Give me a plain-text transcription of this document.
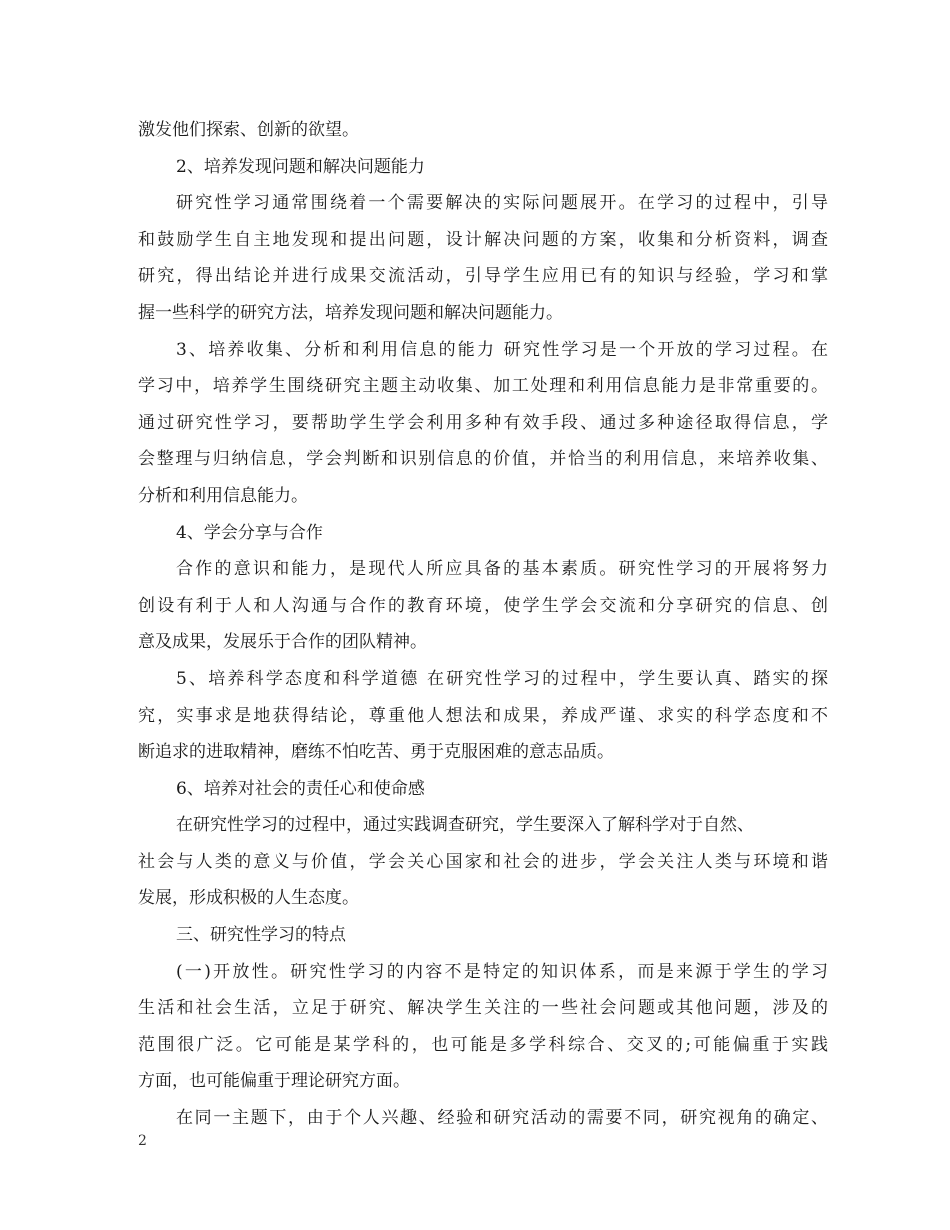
激发他们探索、创新的欲望。
2、培养发现问题和解决问题能力
研究性学习通常围绕着一个需要解决的实际问题展开。在学习的过程中，引导
和鼓励学生自主地发现和提出问题，设计解决问题的方案，收集和分析资料，调查
研究，得出结论并进行成果交流活动，引导学生应用已有的知识与经验，学习和掌
握一些科学的研究方法，培养发现问题和解决问题能力。
3、培养收集、分析和利用信息的能力 研究性学习是一个开放的学习过程。在
学习中，培养学生围绕研究主题主动收集、加工处理和利用信息能力是非常重要的。
通过研究性学习，要帮助学生学会利用多种有效手段、通过多种途径取得信息，学
会整理与归纳信息，学会判断和识别信息的价值，并恰当的利用信息，来培养收集、
分析和利用信息能力。
4、学会分享与合作
合作的意识和能力，是现代人所应具备的基本素质。研究性学习的开展将努力
创设有利于人和人沟通与合作的教育环境，使学生学会交流和分享研究的信息、创
意及成果，发展乐于合作的团队精神。
5、培养科学态度和科学道德 在研究性学习的过程中，学生要认真、踏实的探
究，实事求是地获得结论，尊重他人想法和成果，养成严谨、求实的科学态度和不
断追求的进取精神，磨练不怕吃苦、勇于克服困难的意志品质。
6、培养对社会的责任心和使命感
在研究性学习的过程中，通过实践调查研究，学生要深入了解科学对于自然、
社会与人类的意义与价值，学会关心国家和社会的进步，学会关注人类与环境和谐
发展，形成积极的人生态度。
三、研究性学习的特点
(一)开放性。研究性学习的内容不是特定的知识体系，而是来源于学生的学习
生活和社会生活，立足于研究、解决学生关注的一些社会问题或其他问题，涉及的
范围很广泛。它可能是某学科的，也可能是多学科综合、交叉的;可能偏重于实践
方面，也可能偏重于理论研究方面。
在同一主题下，由于个人兴趣、经验和研究活动的需要不同，研究视角的确定、
2
